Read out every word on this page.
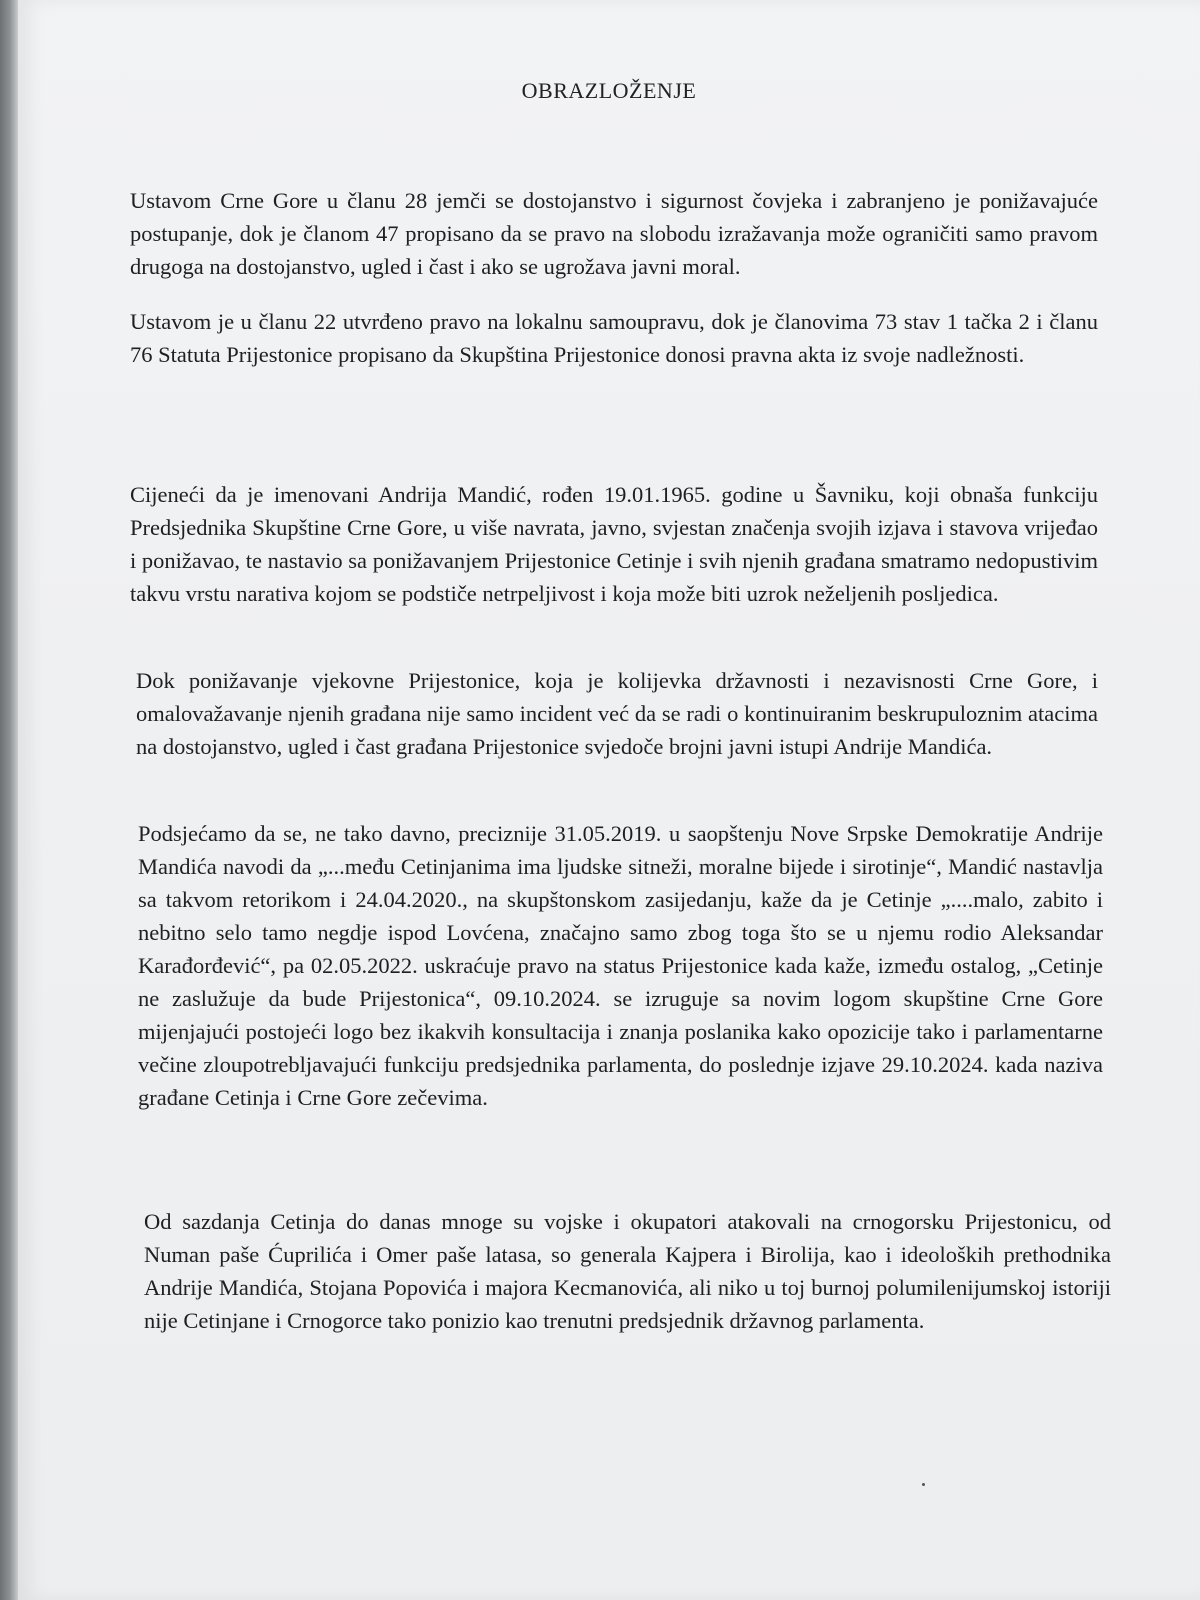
OBRAZLOŽENJE

Ustavom Crne Gore u članu 28 jemči se dostojanstvo i sigurnost čovjeka i zabranjeno je ponižavajuće postupanje, dok je članom 47 propisano da se pravo na slobodu izražavanja može ograničiti samo pravom drugoga na dostojanstvo, ugled i čast i ako se ugrožava javni moral.

Ustavom je u članu 22 utvrđeno pravo na lokalnu samoupravu, dok je članovima 73 stav 1 tačka 2 i članu 76 Statuta Prijestonice propisano da Skupština Prijestonice donosi pravna akta iz svoje nadležnosti.

Cijeneći da je imenovani Andrija Mandić, rođen 19.01.1965. godine u Šavniku, koji obnaša funkciju Predsjednika Skupštine Crne Gore, u više navrata, javno, svjestan značenja svojih izjava i stavova vrijeđao i ponižavao, te nastavio sa ponižavanjem Prijestonice Cetinje i svih njenih građana smatramo nedopustivim takvu vrstu narativa kojom se podstiče netrpeljivost i koja može biti uzrok neželjenih posljedica.

Dok ponižavanje vjekovne Prijestonice, koja je kolijevka državnosti i nezavisnosti Crne Gore, i omalovažavanje njenih građana nije samo incident već da se radi o kontinuiranim beskrupuloznim atacima na dostojanstvo, ugled i čast građana Prijestonice svjedoče brojni javni istupi Andrije Mandića.

Podsjećamo da se, ne tako davno, preciznije 31.05.2019. u saopštenju Nove Srpske Demokratije Andrije Mandića navodi da „...među Cetinjanima ima ljudske sitneži, moralne bijede i sirotinje“, Mandić nastavlja sa takvom retorikom i 24.04.2020., na skupštonskom zasijedanju, kaže da je Cetinje „....malo, zabito i nebitno selo tamo negdje ispod Lovćena, značajno samo zbog toga što se u njemu rodio Aleksandar Karađorđević“, pa 02.05.2022. uskraćuje pravo na status Prijestonice kada kaže, između ostalog, „Cetinje ne zaslužuje da bude Prijestonica“, 09.10.2024. se izruguje sa novim logom skupštine Crne Gore mijenjajući postojeći logo bez ikakvih konsultacija i znanja poslanika kako opozicije tako i parlamentarne večine zloupotrebljavajući funkciju predsjednika parlamenta, do poslednje izjave 29.10.2024. kada naziva građane Cetinja i Crne Gore zečevima.

Od sazdanja Cetinja do danas mnoge su vojske i okupatori atakovali na crnogorsku Prijestonicu, od Numan paše Ćuprilića i Omer paše latasa, so generala Kajpera i Birolija, kao i ideoloških prethodnika Andrije Mandića, Stojana Popovića i majora Kecmanovića, ali niko u toj burnoj polumilenijumskoj istoriji nije Cetinjane i Crnogorce tako ponizio kao trenutni predsjednik državnog parlamenta.
